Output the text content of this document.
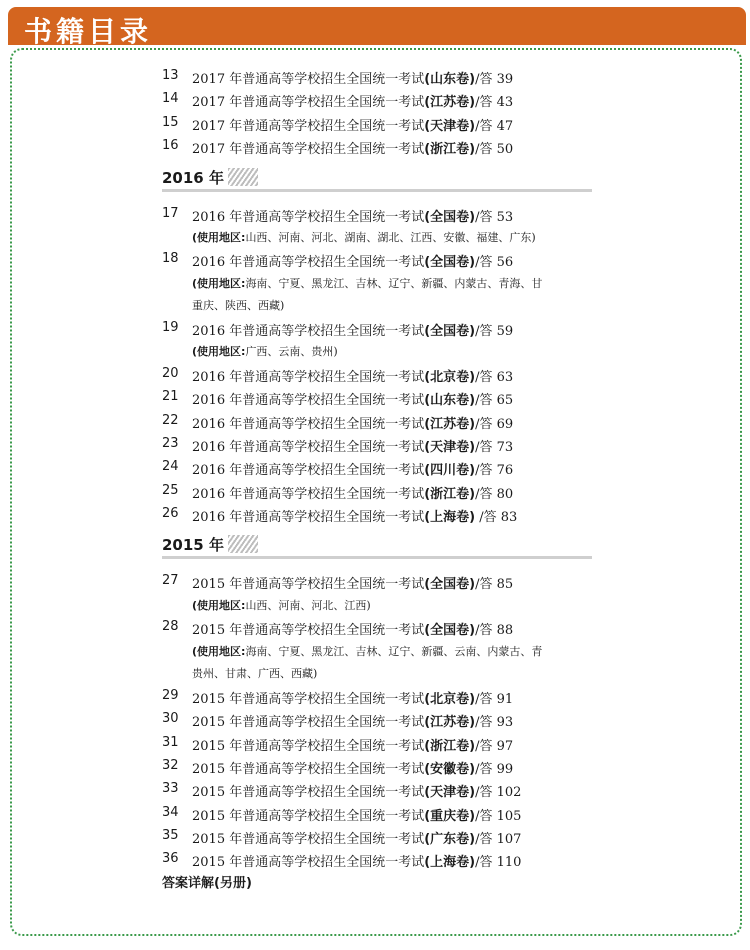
书籍目录
13	2017 年普通高等学校招生全国统一考试(山东卷)/答 39
14	2017 年普通高等学校招生全国统一考试(江苏卷)/答 43
15	2017 年普通高等学校招生全国统一考试(天津卷)/答 47
16	2017 年普通高等学校招生全国统一考试(浙江卷)/答 50
2016 年
17	2016 年普通高等学校招生全国统一考试(全国卷)/答 53
(使用地区:山西、河南、河北、湖南、湖北、江西、安徽、福建、广东)
18	2016 年普通高等学校招生全国统一考试(全国卷)/答 56
(使用地区:海南、宁夏、黑龙江、吉林、辽宁、新疆、内蒙古、青海、甘
重庆、陕西、西藏)
19	2016 年普通高等学校招生全国统一考试(全国卷)/答 59
(使用地区:广西、云南、贵州)
20	2016 年普通高等学校招生全国统一考试(北京卷)/答 63
21	2016 年普通高等学校招生全国统一考试(山东卷)/答 65
22	2016 年普通高等学校招生全国统一考试(江苏卷)/答 69
23	2016 年普通高等学校招生全国统一考试(天津卷)/答 73
24	2016 年普通高等学校招生全国统一考试(四川卷)/答 76
25	2016 年普通高等学校招生全国统一考试(浙江卷)/答 80
26	2016 年普通高等学校招生全国统一考试(上海卷) /答 83
2015 年
27	2015 年普通高等学校招生全国统一考试(全国卷)/答 85
(使用地区:山西、河南、河北、江西)
28	2015 年普通高等学校招生全国统一考试(全国卷)/答 88
(使用地区:海南、宁夏、黑龙江、吉林、辽宁、新疆、云南、内蒙古、青
贵州、甘肃、广西、西藏)
29	2015 年普通高等学校招生全国统一考试(北京卷)/答 91
30	2015 年普通高等学校招生全国统一考试(江苏卷)/答 93
31	2015 年普通高等学校招生全国统一考试(浙江卷)/答 97
32	2015 年普通高等学校招生全国统一考试(安徽卷)/答 99
33	2015 年普通高等学校招生全国统一考试(天津卷)/答 102
34	2015 年普通高等学校招生全国统一考试(重庆卷)/答 105
35	2015 年普通高等学校招生全国统一考试(广东卷)/答 107
36	2015 年普通高等学校招生全国统一考试(上海卷)/答 110
答案详解(另册)
